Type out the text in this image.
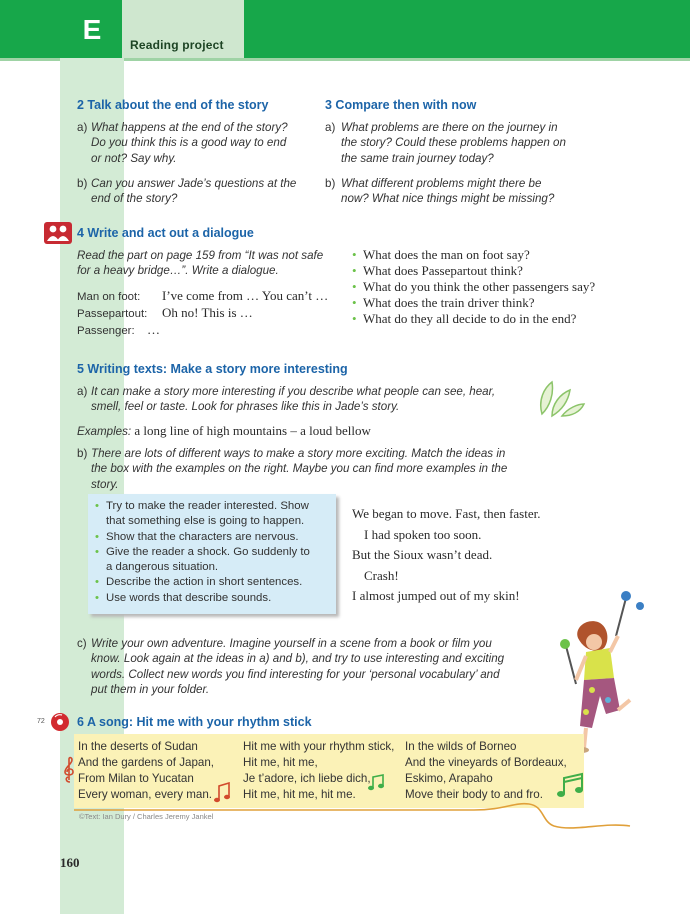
E	Reading project
2 Talk about the end of the story
a) What happens at the end of the story?
Do you think this is a good way to end
or not? Say why.
b) Can you answer Jade’s questions at the
end of the story?
3 Compare then with now
a) What problems are there on the journey in
the story? Could these problems happen on
the same train journey today?
b) What different problems might there be
now? What nice things might be missing?
4 Write and act out a dialogue
Read the part on page 159 from “It was not safe
for a heavy bridge…”. Write a dialogue.
Man on foot: I’ve come from … You can’t …
Passepartout: Oh no! This is …
Passenger: …
• What does the man on foot say?
• What does Passepartout think?
• What do you think the other passengers say?
• What does the train driver think?
• What do they all decide to do in the end?
5 Writing texts: Make a story more interesting
a) It can make a story more interesting if you describe what people can see, hear,
smell, feel or taste. Look for phrases like this in Jade’s story.
Examples: a long line of high mountains – a loud bellow
b) There are lots of different ways to make a story more exciting. Match the ideas in
the box with the examples on the right. Maybe you can find more examples in the
story.
• Try to make the reader interested. Show
that something else is going to happen.
• Show that the characters are nervous.
• Give the reader a shock. Go suddenly to
a dangerous situation.
• Describe the action in short sentences.
• Use words that describe sounds.
We began to move. Fast, then faster.
I had spoken too soon.
But the Sioux wasn’t dead.
Crash!
I almost jumped out of my skin!
c) Write your own adventure. Imagine yourself in a scene from a book or film you
know. Look again at the ideas in a) and b), and try to use interesting and exciting
words. Collect new words you find interesting for your ‘personal vocabulary’ and
put them in your folder.
72	6 A song: Hit me with your rhythm stick
In the deserts of Sudan
And the gardens of Japan,
From Milan to Yucatan
Every woman, every man.
Hit me with your rhythm stick,
Hit me, hit me,
Je t’adore, ich liebe dich,
Hit me, hit me, hit me.
In the wilds of Borneo
And the vineyards of Bordeaux,
Eskimo, Arapaho
Move their body to and fro.
©Text: Ian Dury / Charles Jeremy Jankel
160
